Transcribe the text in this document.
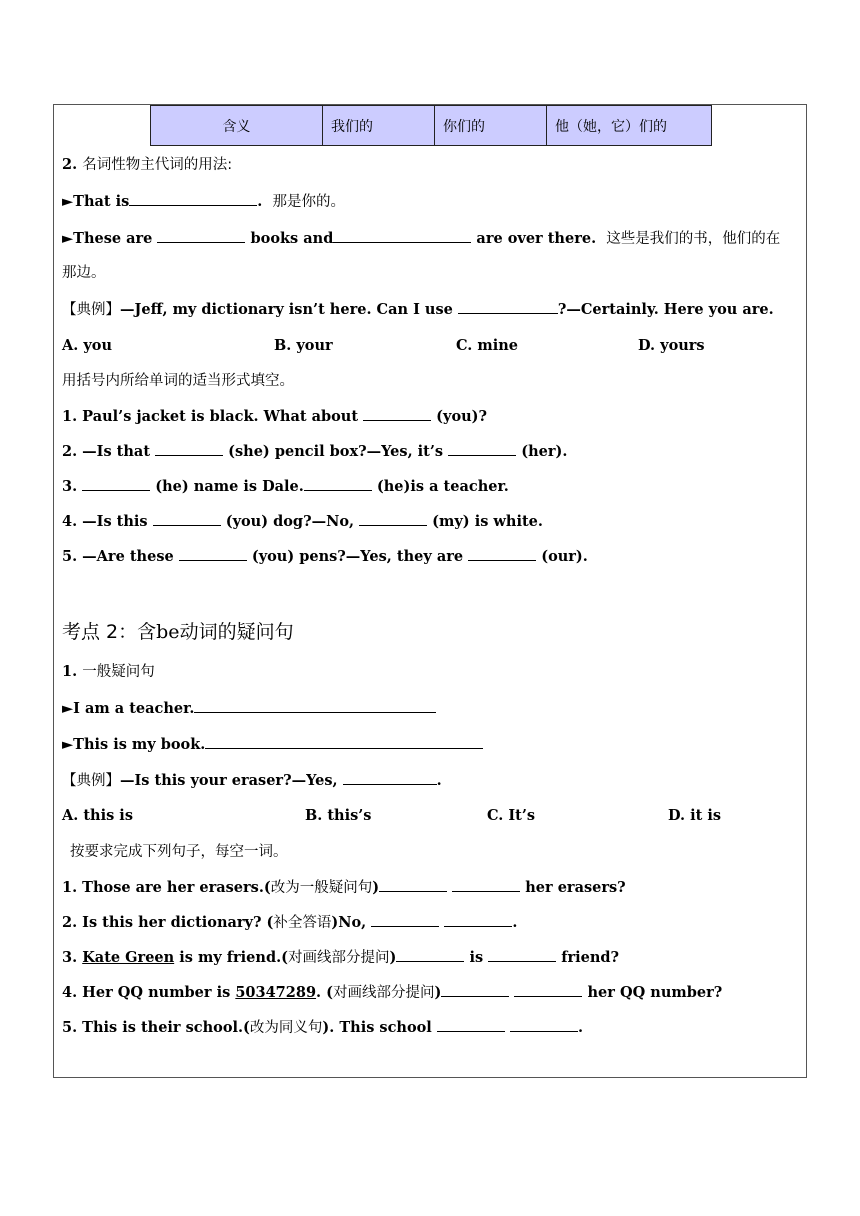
含义	我们的	你们的	他（她，它）们的
2. 名词性物主代词的用法:
►That is	. 那是你的。
►These are	books and	are over there. 这些是我们的书，他们的在
那边。
【典例】—Jeff, my dictionary isn’t here. Can I use	?—Certainly. Here you are.
A. you	B. your	C. mine	D. yours
用括号内所给单词的适当形式填空。
1. Paul’s jacket is black. What about	(you)?
2. —Is that	(she) pencil box?—Yes, it’s	(her).
3.	(he) name is Dale.	(he)is a teacher.
4. —Is this	(you) dog?—No,	(my) is white.
5. —Are these	(you) pens?—Yes, they are	(our).
考点 2：含be动词的疑问句
1. 一般疑问句
►I am a teacher.
►This is my book.
【典例】—Is this your eraser?—Yes,	.
A. this is	B. this’s	C. It’s	D. it is
按要求完成下列句子，每空一词。
1. Those are her erasers.(改为一般疑问句)	her erasers?
2. Is this her dictionary? (补全答语)No,	.
3. Kate Green is my friend.(对画线部分提问)	is	friend?
4. Her QQ number is 50347289. (对画线部分提问)	her QQ number?
5. This is their school.(改为同义句). This school	.
